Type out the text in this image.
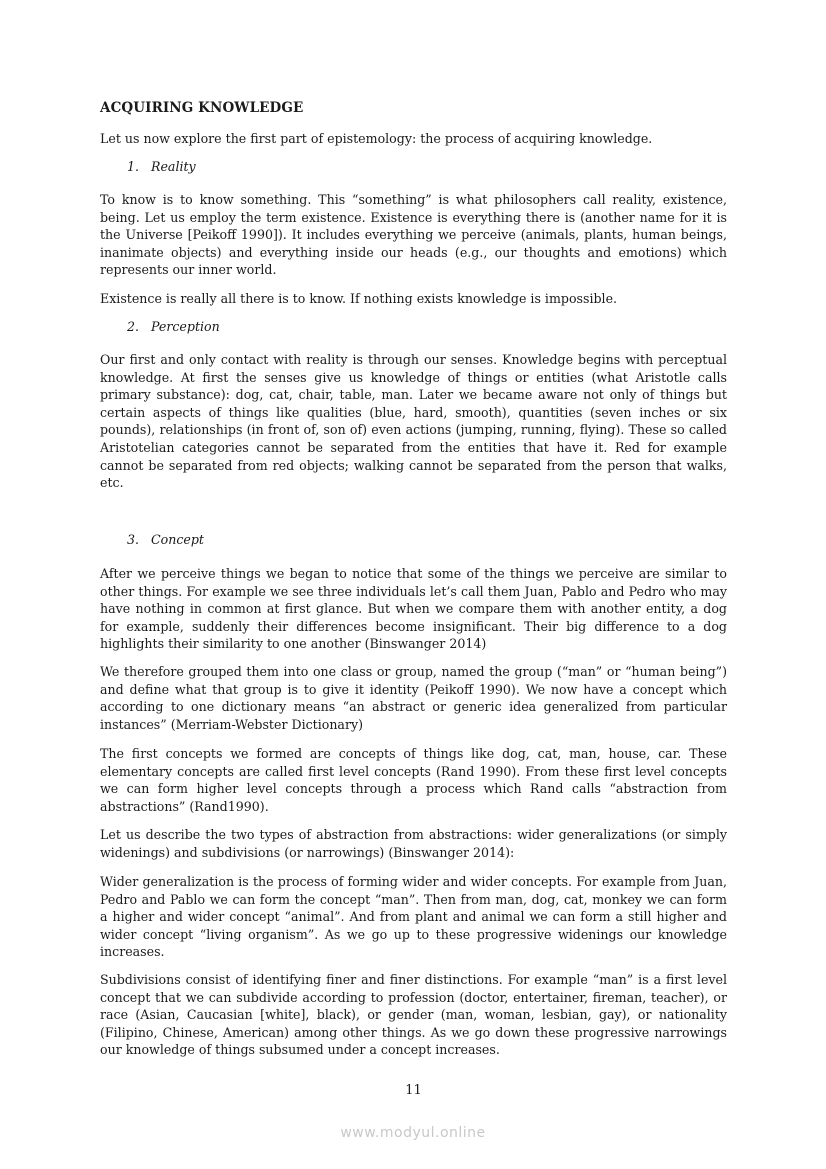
ACQUIRING KNOWLEDGE

Let us now explore the first part of epistemology: the process of acquiring knowledge.

1. Reality

To know is to know something. This “something” is what philosophers call reality, existence, being. Let us employ the term existence. Existence is everything there is (another name for it is the Universe [Peikoff 1990]). It includes everything we perceive (animals, plants, human beings, inanimate objects) and everything inside our heads (e.g., our thoughts and emotions) which represents our inner world.

Existence is really all there is to know. If nothing exists knowledge is impossible.

2. Perception

Our first and only contact with reality is through our senses. Knowledge begins with perceptual knowledge. At first the senses give us knowledge of things or entities (what Aristotle calls primary substance): dog, cat, chair, table, man. Later we became aware not only of things but certain aspects of things like qualities (blue, hard, smooth), quantities (seven inches or six pounds), relationships (in front of, son of) even actions (jumping, running, flying). These so called Aristotelian categories cannot be separated from the entities that have it. Red for example cannot be separated from red objects; walking cannot be separated from the person that walks, etc.

3. Concept

After we perceive things we began to notice that some of the things we perceive are similar to other things. For example we see three individuals let’s call them Juan, Pablo and Pedro who may have nothing in common at first glance. But when we compare them with another entity, a dog for example, suddenly their differences become insignificant. Their big difference to a dog highlights their similarity to one another (Binswanger 2014)

We therefore grouped them into one class or group, named the group (“man” or “human being”) and define what that group is to give it identity (Peikoff 1990). We now have a concept which according to one dictionary means “an abstract or generic idea generalized from particular instances” (Merriam-Webster Dictionary)

The first concepts we formed are concepts of things like dog, cat, man, house, car. These elementary concepts are called first level concepts (Rand 1990). From these first level concepts we can form higher level concepts through a process which Rand calls “abstraction from abstractions” (Rand1990).

Let us describe the two types of abstraction from abstractions: wider generalizations (or simply widenings) and subdivisions (or narrowings) (Binswanger 2014):

Wider generalization is the process of forming wider and wider concepts. For example from Juan, Pedro and Pablo we can form the concept “man”. Then from man, dog, cat, monkey we can form a higher and wider concept “animal”. And from plant and animal we can form a still higher and wider concept “living organism”. As we go up to these progressive widenings our knowledge increases.

Subdivisions consist of identifying finer and finer distinctions. For example “man” is a first level concept that we can subdivide according to profession (doctor, entertainer, fireman, teacher), or race (Asian, Caucasian [white], black), or gender (man, woman, lesbian, gay), or nationality (Filipino, Chinese, American) among other things. As we go down these progressive narrowings our knowledge of things subsumed under a concept increases.

11
www.modyul.online
